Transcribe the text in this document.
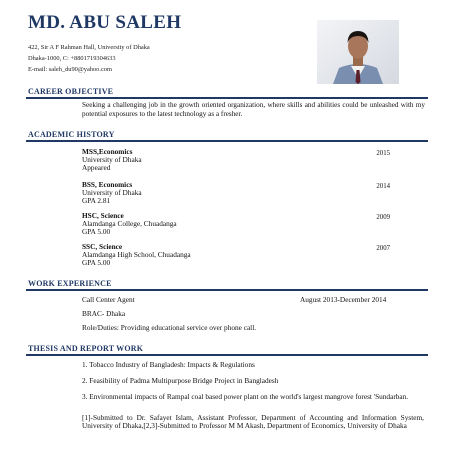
MD. ABU SALEH
422, Sir A F Rahman Hall, University of Dhaka
Dhaka-1000, C: +8801719304633
E-mail: saleh_du90@yahoo.com
CAREER OBJECTIVE

Seeking a challenging job in the growth oriented organization, where skills and abilities could be unleashed with my potential exposures to the latest technology as a fresher.

ACADEMIC HISTORY
MSS,Economics
University of Dhaka
Appeared
2015
BSS, Economics
University of Dhaka
GPA 2.81
2014
HSC, Science
Alamdanga College, Chuadanga
GPA 5.00
2009
SSC, Science
Alamdanga High School, Chuadanga
GPA 5.00
2007
WORK EXPERIENCE
Call Center Agent	August 2013-December 2014
BRAC- Dhaka
Role/Duties: Providing educational service over phone call.
THESIS AND REPORT WORK

1. Tobacco Industry of Bangladesh: Impacts & Regulations

2. Feasibility of Padma Multipurpose Bridge Project in Bangladesh

3. Environmental impacts of Rampal coal based power plant on the world's largest mangrove forest 'Sundarban.

[1]-Submitted to Dr. Safayet Islam, Assistant Professor, Department of Accounting and Information System, University of Dhaka,[2,3]-Submitted to Professor M M Akash, Department of Economics, University of Dhaka
